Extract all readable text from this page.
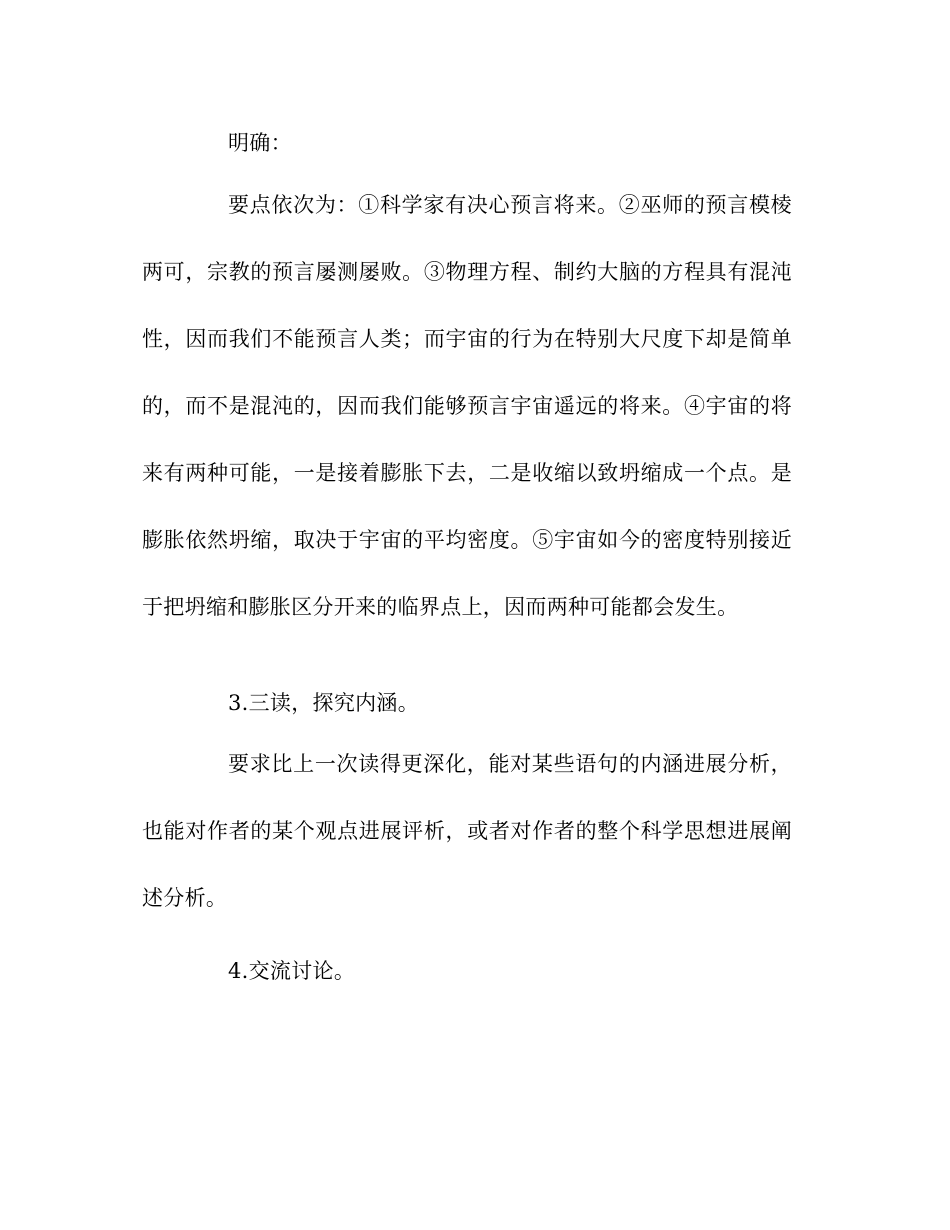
明确：

要点依次为：①科学家有决心预言将来。②巫师的预言模棱两可，宗教的预言屡测屡败。③物理方程、制约大脑的方程具有混沌性，因而我们不能预言人类；而宇宙的行为在特别大尺度下却是简单的，而不是混沌的，因而我们能够预言宇宙遥远的将来。④宇宙的将来有两种可能，一是接着膨胀下去，二是收缩以致坍缩成一个点。是膨胀依然坍缩，取决于宇宙的平均密度。⑤宇宙如今的密度特别接近于把坍缩和膨胀区分开来的临界点上，因而两种可能都会发生。

3.三读，探究内涵。

要求比上一次读得更深化，能对某些语句的内涵进展分析，也能对作者的某个观点进展评析，或者对作者的整个科学思想进展阐述分析。

4.交流讨论。
